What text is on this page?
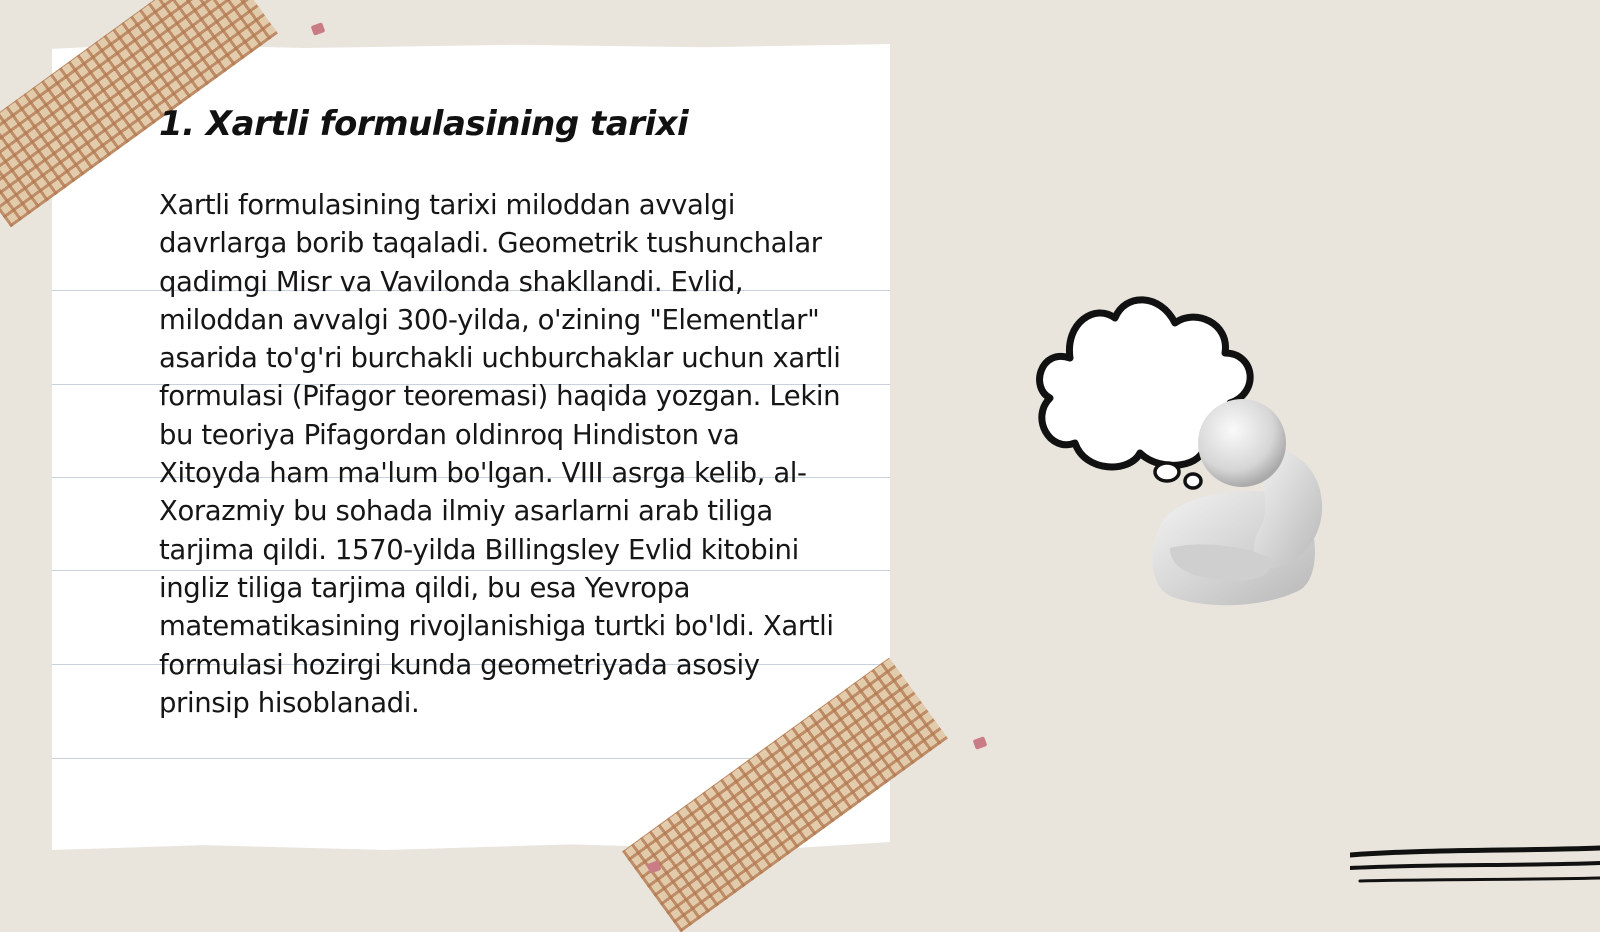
1. Xartli formulasining tarixi

Xartli formulasining tarixi miloddan avvalgi davrlarga borib taqaladi. Geometrik tushunchalar qadimgi Misr va Vavilonda shakllandi. Evlid, miloddan avvalgi 300-yilda, o'zining "Elementlar" asarida to'g'ri burchakli uchburchaklar uchun xartli formulasi (Pifagor teoremasi) haqida yozgan. Lekin bu teoriya Pifagordan oldinroq Hindiston va Xitoyda ham ma'lum bo'lgan. VIII asrga kelib, al-Xorazmiy bu sohada ilmiy asarlarni arab tiliga tarjima qildi. 1570-yilda Billingsley Evlid kitobini ingliz tiliga tarjima qildi, bu esa Yevropa matematikasining rivojlanishiga turtki bo'ldi. Xartli formulasi hozirgi kunda geometriyada asosiy prinsip hisoblanadi.
